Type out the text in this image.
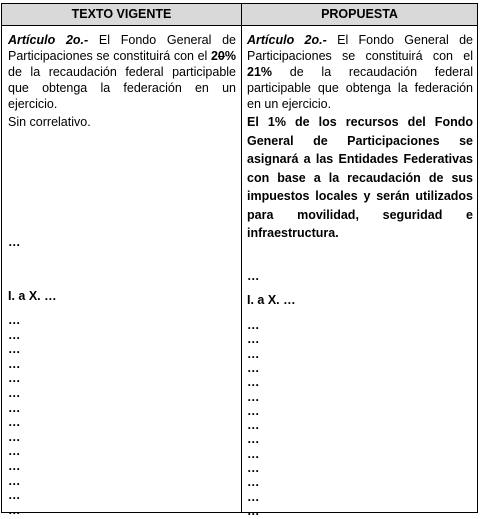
TEXTO VIGENTE	PROPUESTA

Artículo 2o.- El Fondo General de Participaciones se constituirá con el 20% de la recaudación federal participable que obtenga la federación en un ejercicio.

Sin correlativo.

…

I. a X. …

…

…

…

…

…

…

…

…

…

…

…

…

…

…

Artículo 2o.- El Fondo General de Participaciones se constituirá con el 21% de la recaudación federal participable que obtenga la federación en un ejercicio.

El 1% de los recursos del Fondo General de Participaciones se asignará a las Entidades Federativas con base a la recaudación de sus impuestos locales y serán utilizados para movilidad, seguridad e infraestructura.

…

I. a X. …

…

…

…

…

…

…

…

…

…

…

…

…

…

…
